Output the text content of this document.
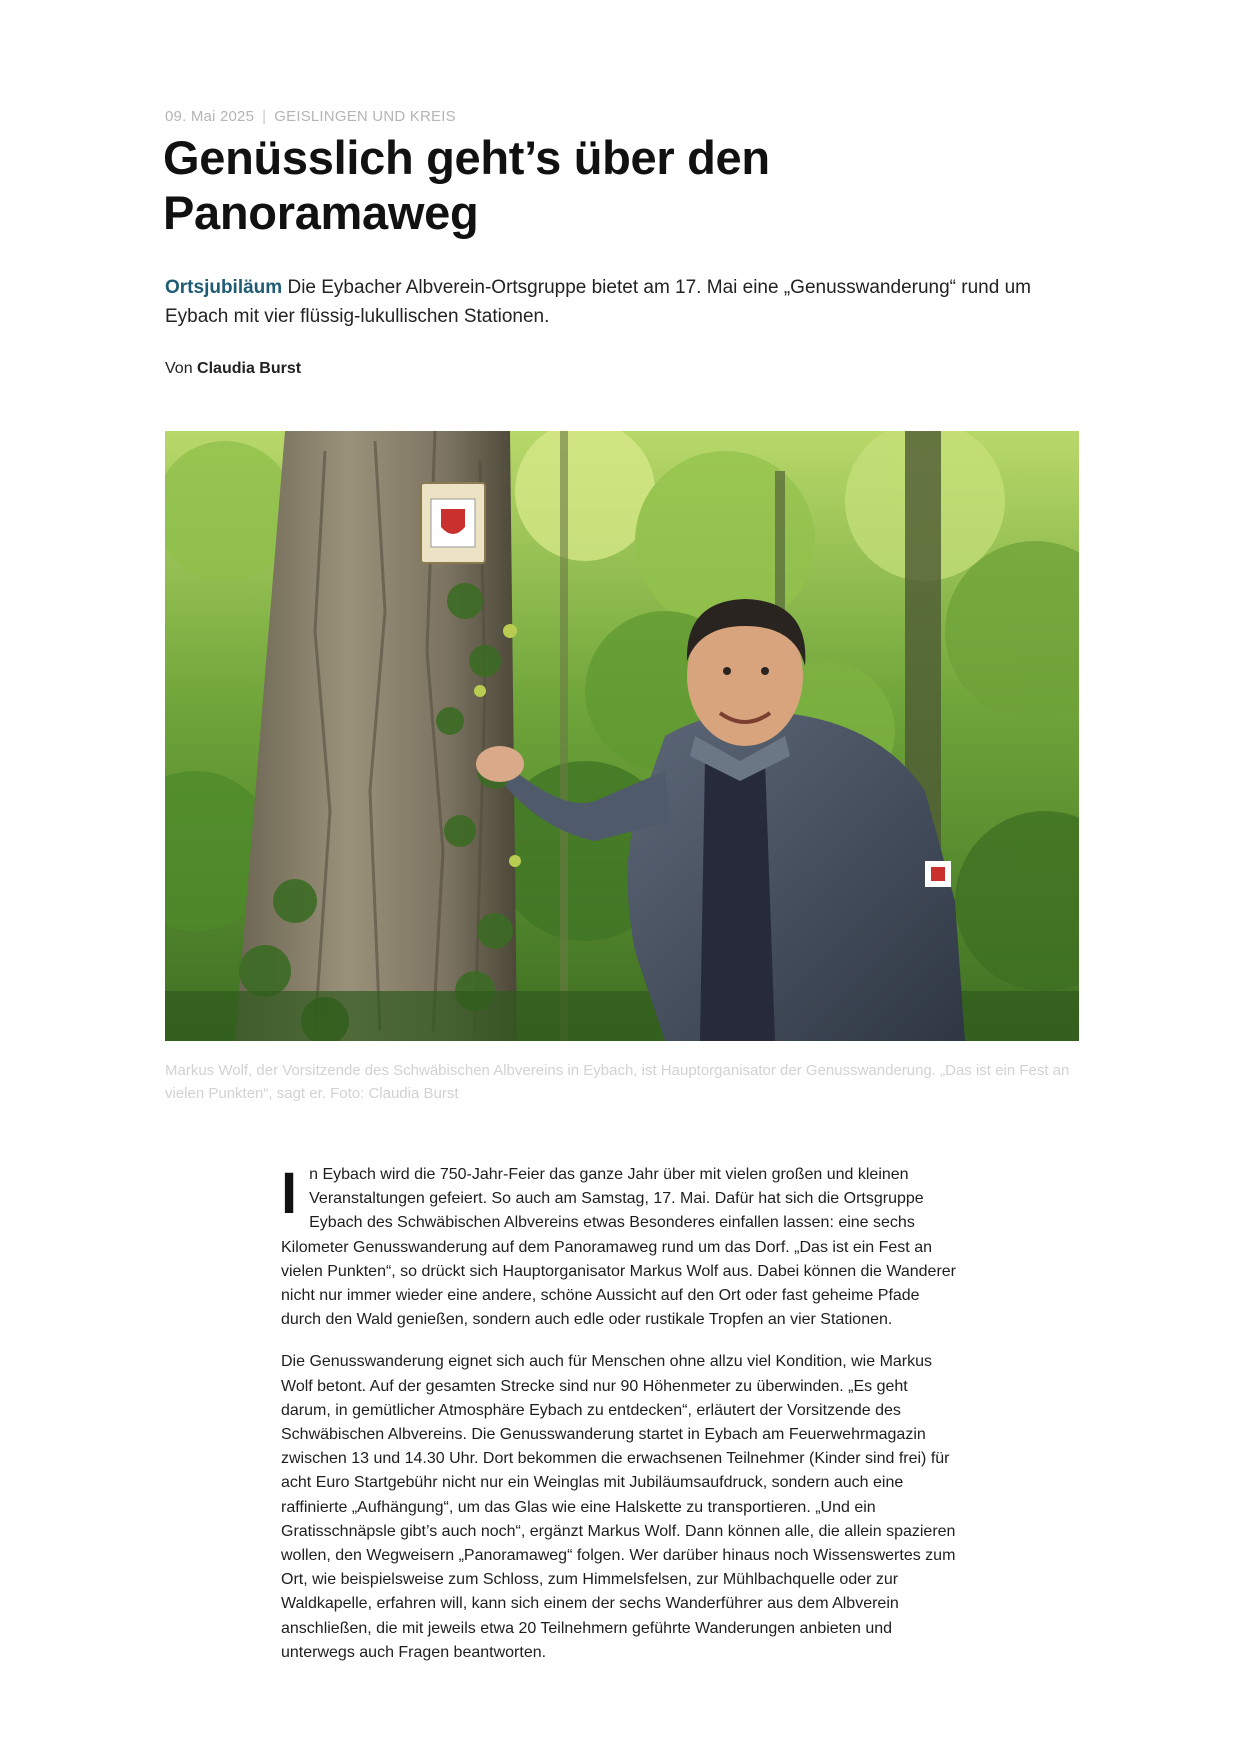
09. Mai 2025 | GEISLINGEN UND KREIS
Genüsslich geht’s über den Panoramaweg

Ortsjubiläum Die Eybacher Albverein-Ortsgruppe bietet am 17. Mai eine „Genusswanderung“ rund um Eybach mit vier flüssig-lukullischen Stationen.

Von Claudia Burst

Markus Wolf, der Vorsitzende des Schwäbischen Albvereins in Eybach, ist Hauptorganisator der Genusswanderung. „Das ist ein Fest an vielen Punkten“, sagt er. Foto: Claudia Burst

In Eybach wird die 750-Jahr-Feier das ganze Jahr über mit vielen großen und kleinen Veranstaltungen gefeiert. So auch am Samstag, 17. Mai. Dafür hat sich die Ortsgruppe Eybach des Schwäbischen Albvereins etwas Besonderes einfallen lassen: eine sechs Kilometer Genusswanderung auf dem Panoramaweg rund um das Dorf. „Das ist ein Fest an vielen Punkten“, so drückt sich Hauptorganisator Markus Wolf aus. Dabei können die Wanderer nicht nur immer wieder eine andere, schöne Aussicht auf den Ort oder fast geheime Pfade durch den Wald genießen, sondern auch edle oder rustikale Tropfen an vier Stationen.

Die Genusswanderung eignet sich auch für Menschen ohne allzu viel Kondition, wie Markus Wolf betont. Auf der gesamten Strecke sind nur 90 Höhenmeter zu überwinden. „Es geht darum, in gemütlicher Atmosphäre Eybach zu entdecken“, erläutert der Vorsitzende des Schwäbischen Albvereins. Die Genusswanderung startet in Eybach am Feuerwehrmagazin zwischen 13 und 14.30 Uhr. Dort bekommen die erwachsenen Teilnehmer (Kinder sind frei) für acht Euro Startgebühr nicht nur ein Weinglas mit Jubiläumsaufdruck, sondern auch eine raffinierte „Aufhängung“, um das Glas wie eine Halskette zu transportieren. „Und ein Gratisschnäpsle gibt’s auch noch“, ergänzt Markus Wolf. Dann können alle, die allein spazieren wollen, den Wegweisern „Panoramaweg“ folgen. Wer darüber hinaus noch Wissenswertes zum Ort, wie beispielsweise zum Schloss, zum Himmelsfelsen, zur Mühlbachquelle oder zur Waldkapelle, erfahren will, kann sich einem der sechs Wanderführer aus dem Albverein anschließen, die mit jeweils etwa 20 Teilnehmern geführte Wanderungen anbieten und unterwegs auch Fragen beantworten.
